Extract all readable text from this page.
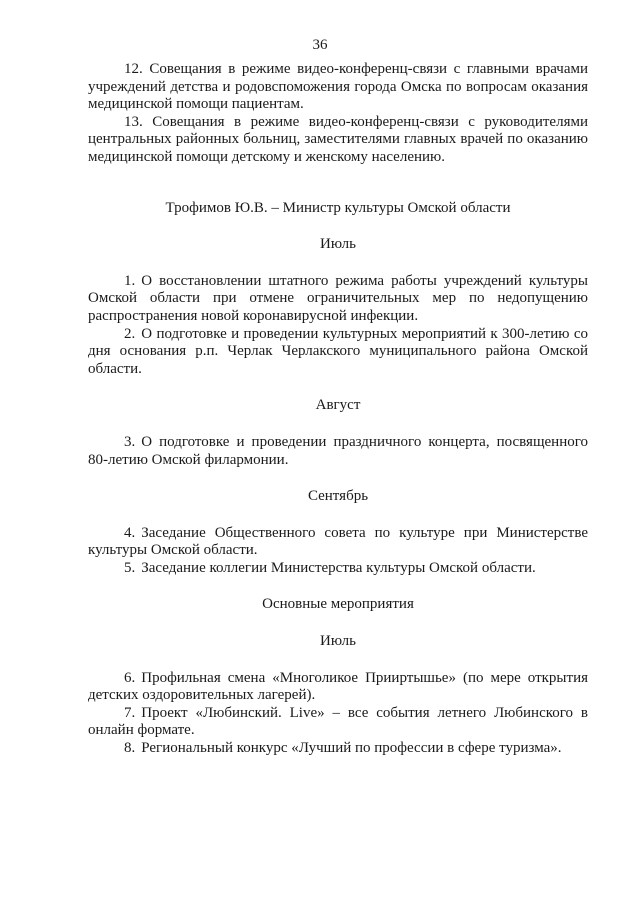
36

12. Совещания в режиме видео-конференц-связи с главными врачами учреждений детства и родовспоможения города Омска по вопросам оказания медицинской помощи пациентам.

13. Совещания в режиме видео-конференц-связи с руководителями центральных районных больниц, заместителями главных врачей по оказанию медицинской помощи детскому и женскому населению.

Трофимов Ю.В. – Министр культуры Омской области

Июль

1. О восстановлении штатного режима работы учреждений культуры Омской области при отмене ограничительных мер по недопущению распространения новой коронавирусной инфекции.

2. О подготовке и проведении культурных мероприятий к 300-летию со дня основания р.п. Черлак Черлакского муниципального района Омской области.

Август

3. О подготовке и проведении праздничного концерта, посвященного 80-летию Омской филармонии.

Сентябрь

4. Заседание Общественного совета по культуре при Министерстве культуры Омской области.

5. Заседание коллегии Министерства культуры Омской области.

Основные мероприятия

Июль

6. Профильная смена «Многоликое Прииртышье» (по мере открытия детских оздоровительных лагерей).

7. Проект «Любинский. Live» – все события летнего Любинского в онлайн формате.

8. Региональный конкурс «Лучший по профессии в сфере туризма».
